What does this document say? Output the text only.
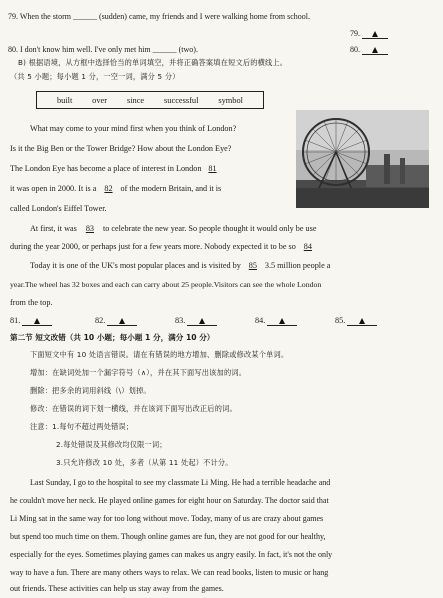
79. When the storm ______ (sudden) came, my friends and I were walking home from school.
79.
80. I don't know him well. I've only met him ______ (two).	80.
B) 根据语境，从方框中选择恰当的单词填空，并将正确答案填在短文后的横线上。
（共 5 小题；每小题 1 分，一空一词，满分 5 分）
built over since successful symbol
What may come to your mind first when you think of London?
Is it the Big Ben or the Tower Bridge? How about the London Eye?
The London Eye has become a place of interest in London 81
it was open in 2000. It is a 82 of the modern Britain, and it is
called London's Eiffel Tower.
At first, it was 83 to celebrate the new year. So people thought it would only be use
during the year 2000, or perhaps just for a few years more. Nobody expected it to be so 84
Today it is one of the UK's most popular places and is visited by 85 3.5 million people a
year.The wheel has 32 boxes and each can carry about 25 people.Visitors can see the whole London
from the top.
81.	82.	83.	84.	85.
第二节 短文改错（共 10 小题；每小题 1 分，满分 10 分）
下面短文中有 10 处语言错误。请在有错误的地方增加、删除或修改某个单词。
增加：在缺词处加一个漏字符号（∧），并在其下面写出该加的词。
删除：把多余的词用斜线（\）划掉。
修改：在错误的词下划一横线，并在该词下面写出改正后的词。
注意：1.每句不超过两处错误；
2.每处错误及其修改均仅限一词；
3.只允许修改 10 处，多者（从第 11 处起）不计分。
Last Sunday, I go to the hospital to see my classmate Li Ming. He had a terrible headache and
he couldn't move her neck. He played online games for eight hour on Saturday. The doctor said that
Li Ming sat in the same way for too long without move. Today, many of us are crazy about games
but spend too much time on them. Though online games are fun, they are not good for our healthy,
especially for the eyes. Sometimes playing games can makes us angry easily. In fact, it's not the only
way to have a fun. There are many others ways to relax. We can read books, listen to music or hang
out friends. These activities can help us stay away from the games.
